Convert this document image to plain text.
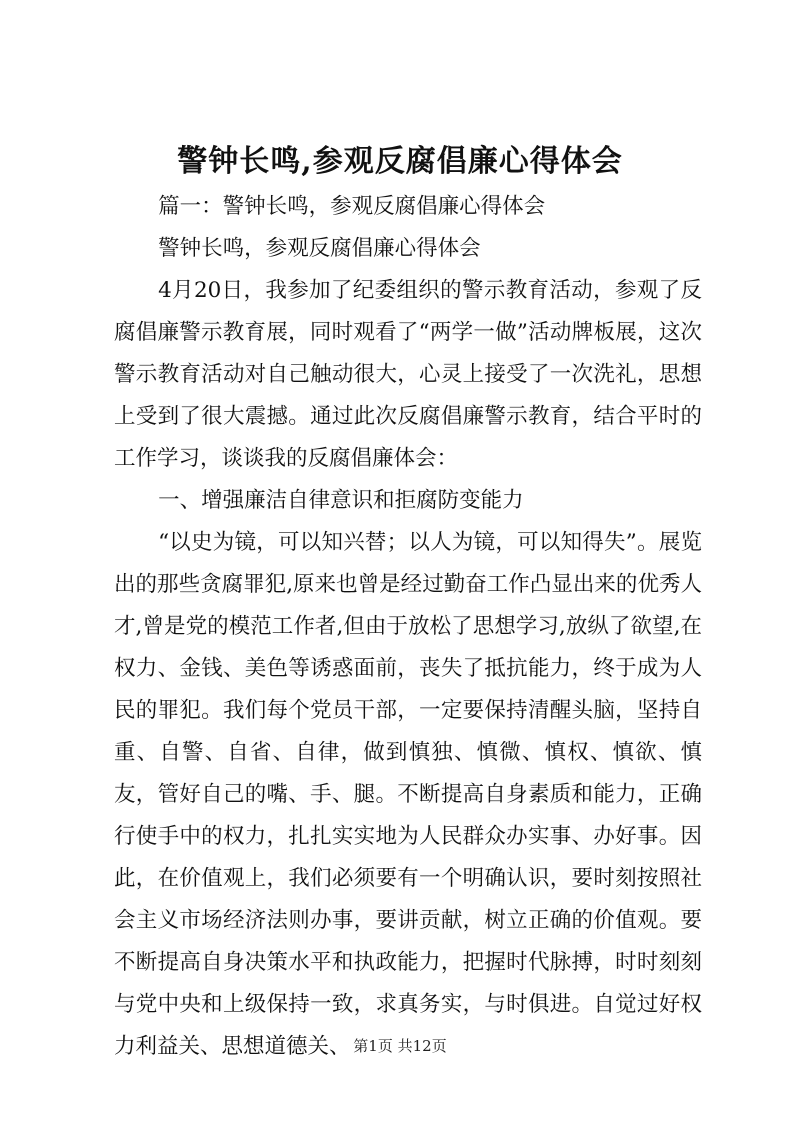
警钟长鸣,参观反腐倡廉心得体会

篇一：警钟长鸣，参观反腐倡廉心得体会

警钟长鸣，参观反腐倡廉心得体会

4月20日，我参加了纪委组织的警示教育活动，参观了反腐倡廉警示教育展，同时观看了“两学一做”活动牌板展，这次警示教育活动对自己触动很大，心灵上接受了一次洗礼，思想上受到了很大震撼。通过此次反腐倡廉警示教育，结合平时的工作学习，谈谈我的反腐倡廉体会：

一、增强廉洁自律意识和拒腐防变能力

“以史为镜，可以知兴替；以人为镜，可以知得失”。展览出的那些贪腐罪犯,原来也曾是经过勤奋工作凸显出来的优秀人才,曾是党的模范工作者,但由于放松了思想学习,放纵了欲望,在权力、金钱、美色等诱惑面前，丧失了抵抗能力，终于成为人民的罪犯。我们每个党员干部，一定要保持清醒头脑，坚持自重、自警、自省、自律，做到慎独、慎微、慎权、慎欲、慎友，管好自己的嘴、手、腿。不断提高自身素质和能力，正确行使手中的权力，扎扎实实地为人民群众办实事、办好事。因此，在价值观上，我们必须要有一个明确认识，要时刻按照社会主义市场经济法则办事，要讲贡献，树立正确的价值观。要不断提高自身决策水平和执政能力，把握时代脉搏，时时刻刻与党中央和上级保持一致，求真务实，与时俱进。自觉过好权力利益关、思想道德关、 第1页 共12页
